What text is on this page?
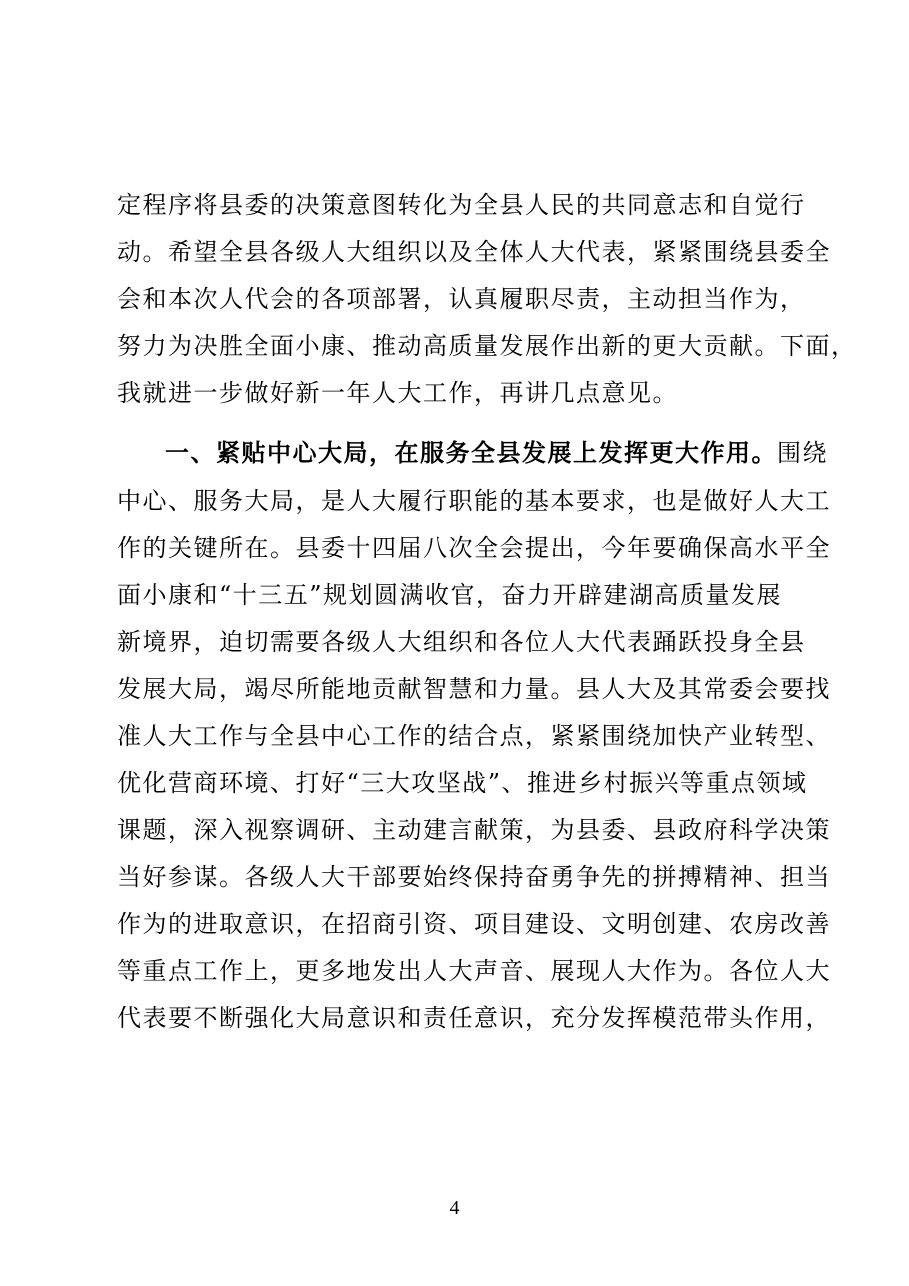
定程序将县委的决策意图转化为全县人民的共同意志和自觉行
动。希望全县各级人大组织以及全体人大代表，紧紧围绕县委全
会和本次人代会的各项部署，认真履职尽责，主动担当作为，
努力为决胜全面小康、推动高质量发展作出新的更大贡献。下面，
我就进一步做好新一年人大工作，再讲几点意见。
一、紧贴中心大局，在服务全县发展上发挥更大作用。围绕
中心、服务大局，是人大履行职能的基本要求，也是做好人大工
作的关键所在。县委十四届八次全会提出，今年要确保高水平全
面小康和“十三五”规划圆满收官，奋力开辟建湖高质量发展
新境界，迫切需要各级人大组织和各位人大代表踊跃投身全县
发展大局，竭尽所能地贡献智慧和力量。县人大及其常委会要找
准人大工作与全县中心工作的结合点，紧紧围绕加快产业转型、
优化营商环境、打好“三大攻坚战”、推进乡村振兴等重点领域
课题，深入视察调研、主动建言献策，为县委、县政府科学决策
当好参谋。各级人大干部要始终保持奋勇争先的拼搏精神、担当
作为的进取意识，在招商引资、项目建设、文明创建、农房改善
等重点工作上，更多地发出人大声音、展现人大作为。各位人大
代表要不断强化大局意识和责任意识，充分发挥模范带头作用，
4
